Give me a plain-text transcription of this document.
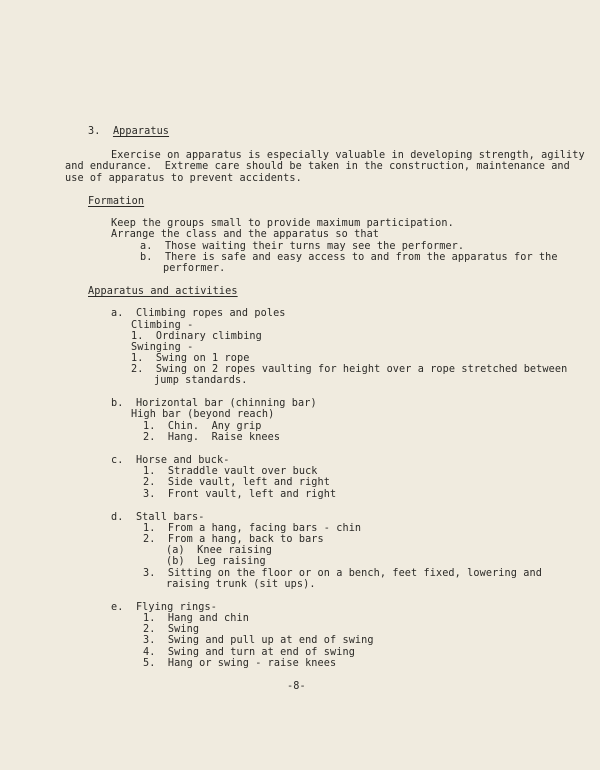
3. Apparatus
Exercise on apparatus is especially valuable in developing strength, agility
and endurance.  Extreme care should be taken in the construction, maintenance and
use of apparatus to prevent accidents.
Formation
Keep the groups small to provide maximum participation.
Arrange the class and the apparatus so that
a. Those waiting their turns may see the performer.
b. There is safe and easy access to and from the apparatus for the
performer.
Apparatus and activities
a. Climbing ropes and poles
Climbing -
1.  Ordinary climbing
Swinging -
1.  Swing on 1 rope
2.  Swing on 2 ropes vaulting for height over a rope stretched between
jump standards.
b. Horizontal bar (chinning bar)
High bar (beyond reach)
1.  Chin.  Any grip
2.  Hang.  Raise knees
c. Horse and buck-
1.  Straddle vault over buck
2.  Side vault, left and right
3.  Front vault, left and right
d. Stall bars-
1.  From a hang, facing bars - chin
2.  From a hang, back to bars
(a)  Knee raising
(b)  Leg raising
3.  Sitting on the floor or on a bench, feet fixed, lowering and
raising trunk (sit ups).
e. Flying rings-
1.  Hang and chin
2.  Swing
3.  Swing and pull up at end of swing
4.  Swing and turn at end of swing
5.  Hang or swing - raise knees
-8-
